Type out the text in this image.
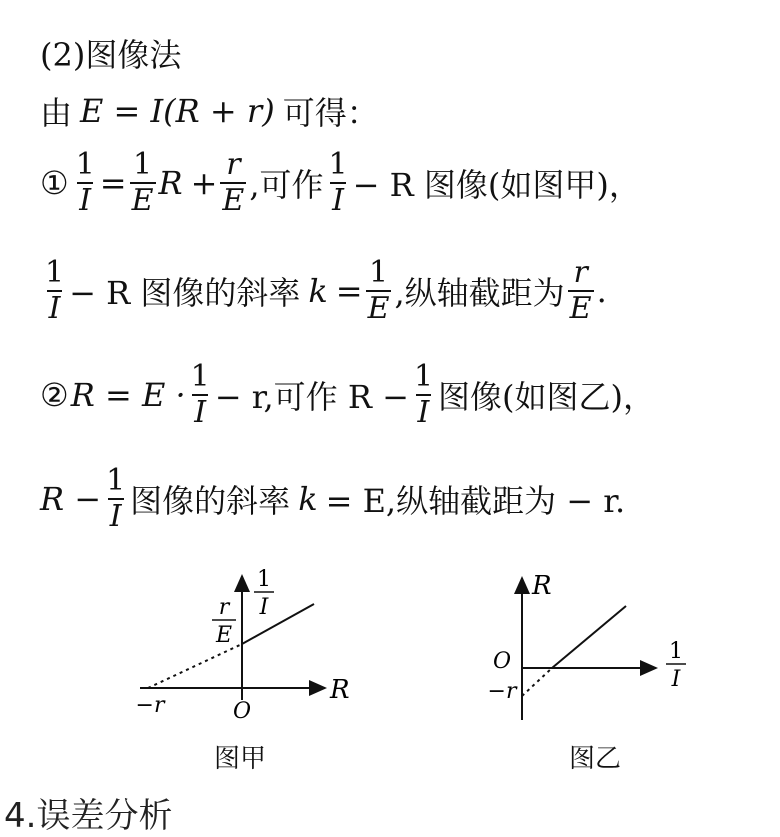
(2)图像法
由 E = I(R + r) 可得：
① $\frac{1}{I} = \frac{1}{E}$ $R + \frac{r}{E}$ ,可作 $\frac{1}{I} - R$ 图像(如图甲)，
$\frac{1}{I} - R$ 图像的斜率 $k = \frac{1}{E}$ ,纵轴截距为 $\frac{r}{E}$ .
② $R = E \cdot \frac{1}{I} - r$,可作 $R - \frac{1}{I}$ 图像(如图乙)，
$R - \frac{1}{I}$ 图像的斜率 k = E,纵轴截距为 − r.
1
I
r
E
R
O
−r
图甲
R
O
−r
1
I
图乙
4.误差分析
